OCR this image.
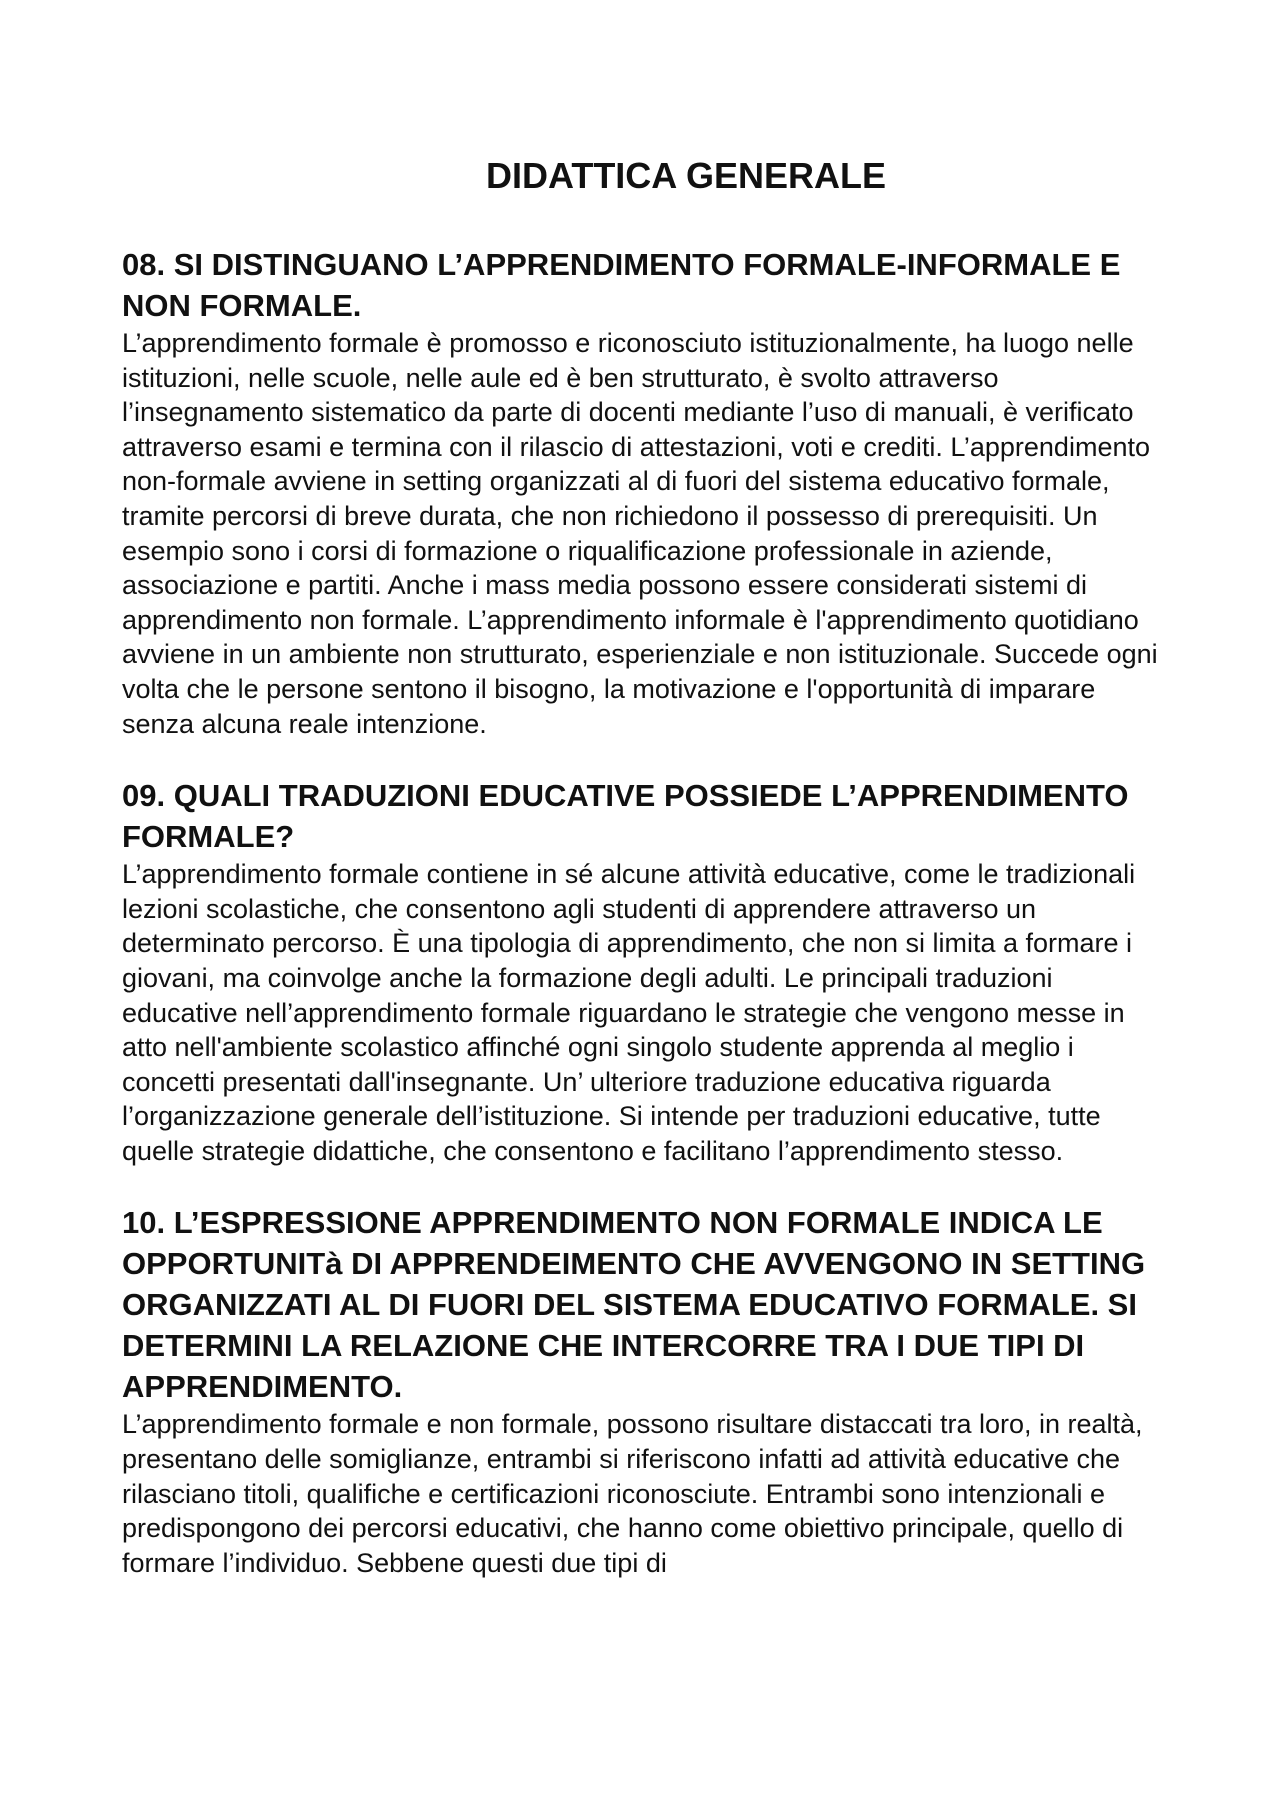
DIDATTICA GENERALE
08. SI DISTINGUANO L’APPRENDIMENTO FORMALE-INFORMALE E NON FORMALE.

L’apprendimento formale è promosso e riconosciuto istituzionalmente, ha luogo nelle istituzioni, nelle scuole, nelle aule ed è ben strutturato, è svolto attraverso l’insegnamento sistematico da parte di docenti mediante l’uso di manuali, è verificato attraverso esami e termina con il rilascio di attestazioni, voti e crediti. L’apprendimento non-formale avviene in setting organizzati al di fuori del sistema educativo formale, tramite percorsi di breve durata, che non richiedono il possesso di prerequisiti. Un esempio sono i corsi di formazione o riqualificazione professionale in aziende, associazione e partiti. Anche i mass media possono essere considerati sistemi di apprendimento non formale. L’apprendimento informale è l'apprendimento quotidiano avviene in un ambiente non strutturato, esperienziale e non istituzionale. Succede ogni volta che le persone sentono il bisogno, la motivazione e l'opportunità di imparare senza alcuna reale intenzione.

09. QUALI TRADUZIONI EDUCATIVE POSSIEDE L’APPRENDIMENTO FORMALE?

L’apprendimento formale contiene in sé alcune attività educative, come le tradizionali lezioni scolastiche, che consentono agli studenti di apprendere attraverso un determinato percorso. È una tipologia di apprendimento, che non si limita a formare i giovani, ma coinvolge anche la formazione degli adulti. Le principali traduzioni educative nell’apprendimento formale riguardano le strategie che vengono messe in atto nell'ambiente scolastico affinché ogni singolo studente apprenda al meglio i concetti presentati dall'insegnante. Un’ ulteriore traduzione educativa riguarda l’organizzazione generale dell’istituzione. Si intende per traduzioni educative, tutte quelle strategie didattiche, che consentono e facilitano l’apprendimento stesso.

10. L’ESPRESSIONE APPRENDIMENTO NON FORMALE INDICA LE OPPORTUNITà DI APPRENDEIMENTO CHE AVVENGONO IN SETTING ORGANIZZATI AL DI FUORI DEL SISTEMA EDUCATIVO FORMALE. SI DETERMINI LA RELAZIONE CHE INTERCORRE TRA I DUE TIPI DI APPRENDIMENTO.

L’apprendimento formale e non formale, possono risultare distaccati tra loro, in realtà, presentano delle somiglianze, entrambi si riferiscono infatti ad attività educative che rilasciano titoli, qualifiche e certificazioni riconosciute. Entrambi sono intenzionali e predispongono dei percorsi educativi, che hanno come obiettivo principale, quello di formare l’individuo. Sebbene questi due tipi di
